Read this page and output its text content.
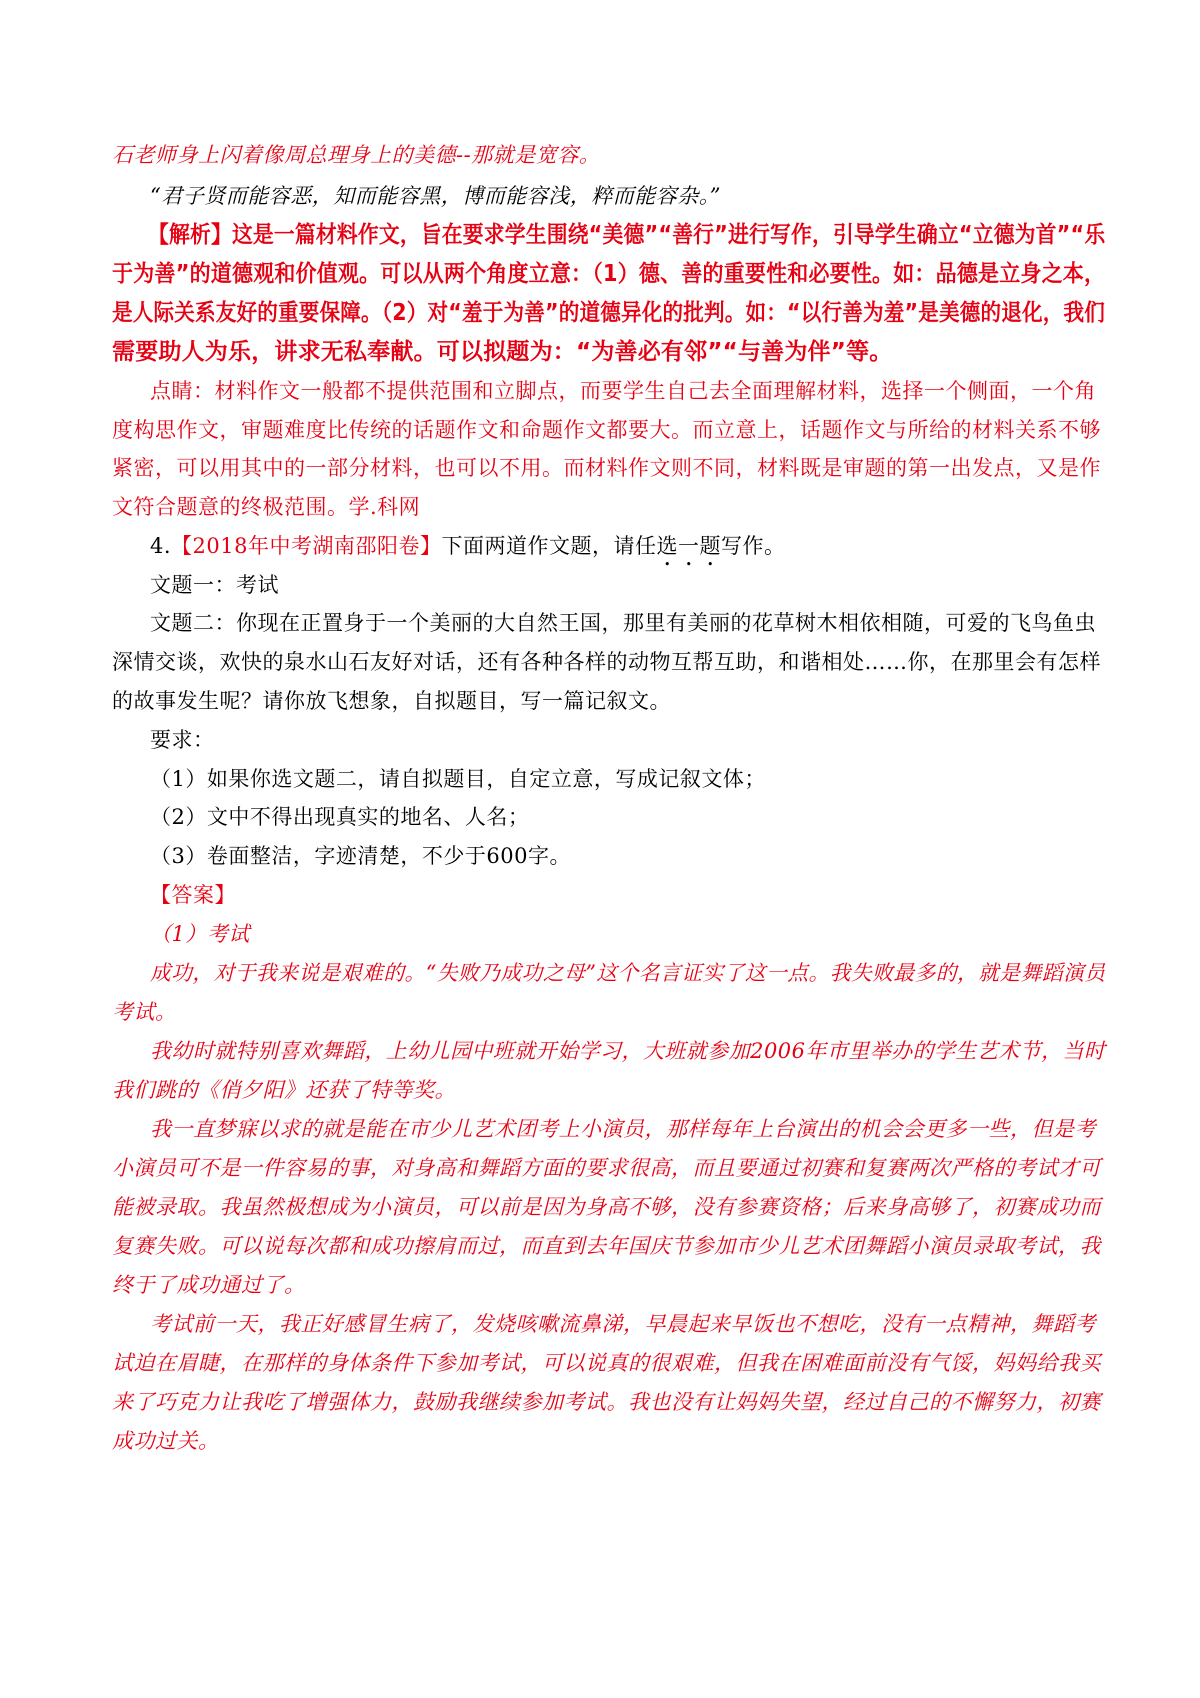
石老师身上闪着像周总理身上的美德--那就是宽容。
“君子贤而能容恶，知而能容黑，博而能容浅，粹而能容杂。”
【解析】这是一篇材料作文，旨在要求学生围绕“美德”“善行”进行写作，引导学生确立“立德为首”“乐
于为善”的道德观和价值观。可以从两个角度立意：（1）德、善的重要性和必要性。如：品德是立身之本，
是人际关系友好的重要保障。（2）对“羞于为善”的道德异化的批判。如：“以行善为羞”是美德的退化，我们
需要助人为乐，讲求无私奉献。可以拟题为：“为善必有邻”“与善为伴”等。
点睛：材料作文一般都不提供范围和立脚点，而要学生自己去全面理解材料，选择一个侧面，一个角
度构思作文，审题难度比传统的话题作文和命题作文都要大。而立意上，话题作文与所给的材料关系不够
紧密，可以用其中的一部分材料，也可以不用。而材料作文则不同，材料既是审题的第一出发点，又是作
文符合题意的终极范围。学.科网
4.【2018年中考湖南邵阳卷】下面两道作文题，请任选一题写作。
文题一：考试
文题二：你现在正置身于一个美丽的大自然王国，那里有美丽的花草树木相依相随，可爱的飞鸟鱼虫
深情交谈，欢快的泉水山石友好对话，还有各种各样的动物互帮互助，和谐相处……你，在那里会有怎样
的故事发生呢？请你放飞想象，自拟题目，写一篇记叙文。
要求：
（1）如果你选文题二，请自拟题目，自定立意，写成记叙文体；
（2）文中不得出现真实的地名、人名；
（3）卷面整洁，字迹清楚，不少于600字。
【答案】
（1）考试
成功，对于我来说是艰难的。“失败乃成功之母”这个名言证实了这一点。我失败最多的，就是舞蹈演员
考试。
我幼时就特别喜欢舞蹈，上幼儿园中班就开始学习，大班就参加2006年市里举办的学生艺术节，当时
我们跳的《俏夕阳》还获了特等奖。
我一直梦寐以求的就是能在市少儿艺术团考上小演员，那样每年上台演出的机会会更多一些，但是考
小演员可不是一件容易的事，对身高和舞蹈方面的要求很高，而且要通过初赛和复赛两次严格的考试才可
能被录取。我虽然极想成为小演员，可以前是因为身高不够，没有参赛资格；后来身高够了，初赛成功而
复赛失败。可以说每次都和成功擦肩而过，而直到去年国庆节参加市少儿艺术团舞蹈小演员录取考试，我
终于了成功通过了。
考试前一天，我正好感冒生病了，发烧咳嗽流鼻涕，早晨起来早饭也不想吃，没有一点精神，舞蹈考
试迫在眉睫，在那样的身体条件下参加考试，可以说真的很艰难，但我在困难面前没有气馁，妈妈给我买
来了巧克力让我吃了增强体力，鼓励我继续参加考试。我也没有让妈妈失望，经过自己的不懈努力，初赛
成功过关。
